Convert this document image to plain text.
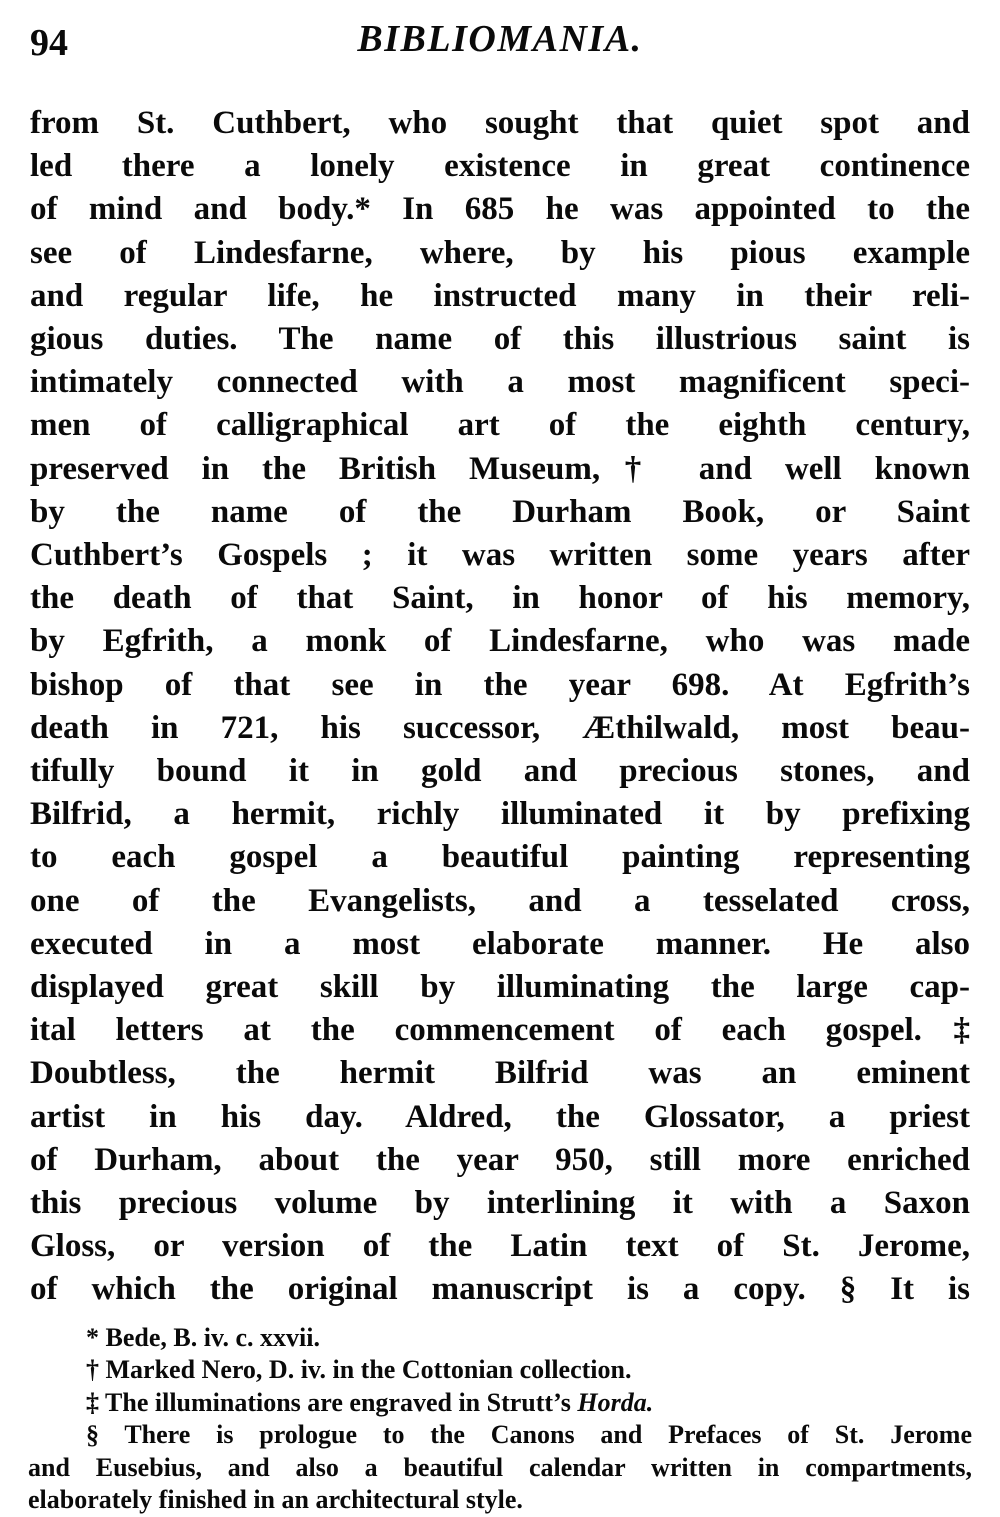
94	BIBLIOMANIA.
from St. Cuthbert, who sought that quiet spot and
led there a lonely existence in great continence
of mind and body.* In 685 he was appointed to the
see of Lindesfarne, where, by his pious example
and regular life, he instructed many in their reli-
gious duties. The name of this illustrious saint is
intimately connected with a most magnificent speci-
men of calligraphical art of the eighth century,
preserved in the British Museum,† and well known
by the name of the Durham Book, or Saint
Cuthbert’s Gospels ; it was written some years after
the death of that Saint, in honor of his memory,
by Egfrith, a monk of Lindesfarne, who was made
bishop of that see in the year 698. At Egfrith’s
death in 721, his successor, Æthilwald, most beau-
tifully bound it in gold and precious stones, and
Bilfrid, a hermit, richly illuminated it by prefixing
to each gospel a beautiful painting representing
one of the Evangelists, and a tesselated cross,
executed in a most elaborate manner. He also
displayed great skill by illuminating the large cap-
ital letters at the commencement of each gospel.‡
Doubtless, the hermit Bilfrid was an eminent
artist in his day. Aldred, the Glossator, a priest
of Durham, about the year 950, still more enriched
this precious volume by interlining it with a Saxon
Gloss, or version of the Latin text of St. Jerome,
of which the original manuscript is a copy. § It is
* Bede, B. iv. c. xxvii.
† Marked Nero, D. iv. in the Cottonian collection.
‡ The illuminations are engraved in Strutt’s Horda.
§ There is prologue to the Canons and Prefaces of St. Jerome
and Eusebius, and also a beautiful calendar written in compartments,
elaborately finished in an architectural style.
